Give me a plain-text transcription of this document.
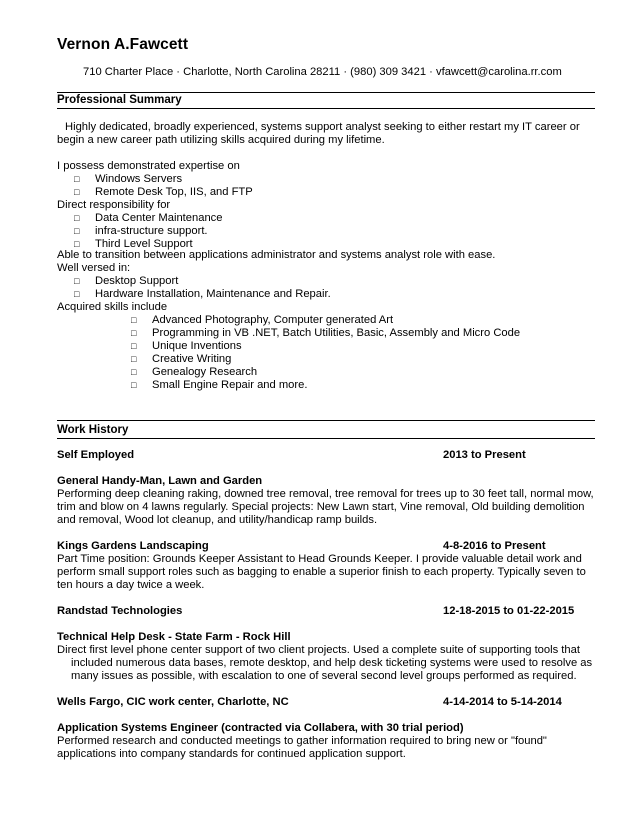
Vernon A.Fawcett
710 Charter Place · Charlotte, North Carolina 28211 · (980) 309 3421 · vfawcett@carolina.rr.com
Professional Summary

Highly dedicated, broadly experienced, systems support analyst seeking to either restart my IT career or begin a new career path utilizing skills acquired during my lifetime.

I possess demonstrated expertise on

□ Windows Servers
□ Remote Desk Top, IIS, and FTP

Direct responsibility for

□ Data Center Maintenance
□ infra-structure support.
□ Third Level Support

Able to transition between applications administrator and systems analyst role with ease.

Well versed in:

□ Desktop Support
□ Hardware Installation, Maintenance and Repair.

Acquired skills include

□ Advanced Photography, Computer generated Art
□ Programming in VB .NET, Batch Utilities, Basic, Assembly and Micro Code
□ Unique Inventions
□ Creative Writing
□ Genealogy Research
□ Small Engine Repair and more.
Work History
Self Employed	2013 to Present

General Handy-Man, Lawn and Garden

Performing deep cleaning raking, downed tree removal, tree removal for trees up to 30 feet tall, normal mow, trim and blow on 4 lawns regularly. Special projects: New Lawn start, Vine removal, Old building demolition and removal, Wood lot cleanup, and utility/handicap ramp builds.

Kings Gardens Landscaping	4-8-2016 to Present

Part Time position: Grounds Keeper Assistant to Head Grounds Keeper. I provide valuable detail work and perform small support roles such as bagging to enable a superior finish to each property. Typically seven to ten hours a day twice a week.

Randstad Technologies	12-18-2015 to 01-22-2015

Technical Help Desk - State Farm - Rock Hill

Direct first level phone center support of two client projects. Used a complete suite of supporting tools that included numerous data bases, remote desktop, and help desk ticketing systems were used to resolve as many issues as possible, with escalation to one of several second level groups performed as required.

Wells Fargo, CIC work center, Charlotte, NC	4-14-2014 to 5-14-2014

Application Systems Engineer (contracted via Collabera, with 30 trial period)

Performed research and conducted meetings to gather information required to bring new or "found" applications into company standards for continued application support.
